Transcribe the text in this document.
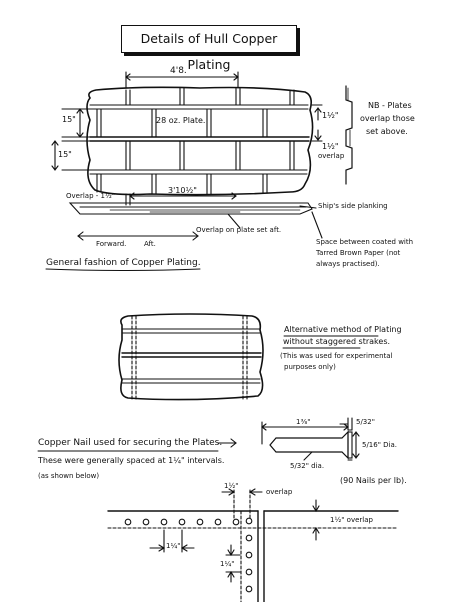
Details of Hull Copper Plating
4'8.
28 oz. Plate.
15"
15"
1½"
1½"
overlap
NB - Plates
overlap those
set above.
Overlap - 1½"
3'10½"
Ship's side planking
Overlap on plate set aft.
Forward.	Aft.	Space between coated with
Tarred Brown Paper (not
always practised).
General fashion of Copper Plating.
Alternative method of Plating
without staggered strakes.
(This was used for experimental
purposes only)
Copper Nail used for securing the Plates.
These were generally spaced at 1¼" intervals.
(as shown below)
1⅜"	5/32"
5/16" Dia.
5/32" dia.
(90 Nails per lb).
1½"
overlap
1½" overlap
1¼"
1¼"
